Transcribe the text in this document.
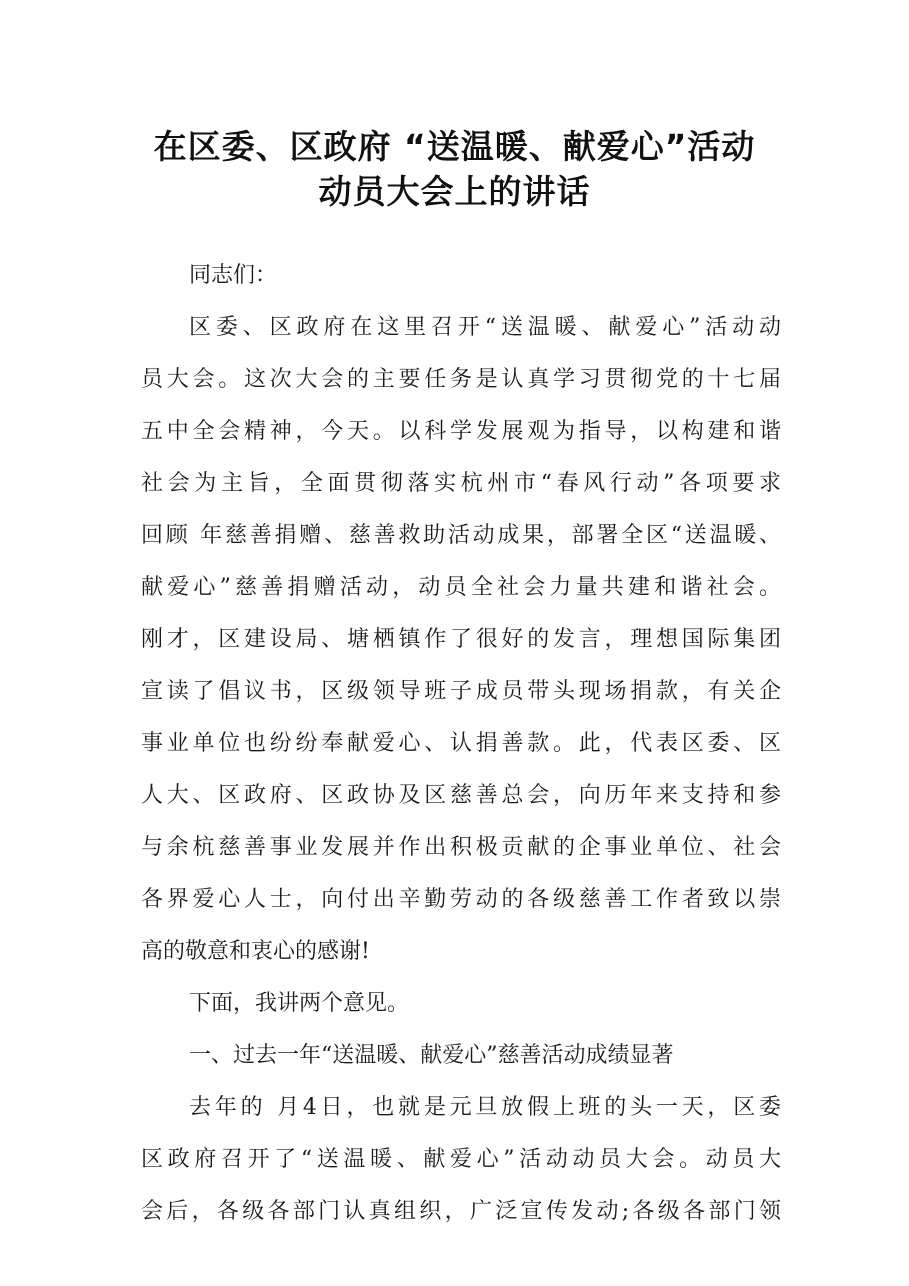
在区委、区政府 “送温暖、献爱心”活动
动员大会上的讲话
同志们：
区委、区政府在这里召开“送温暖、献爱心”活动动
员大会。这次大会的主要任务是认真学习贯彻党的十七届
五中全会精神，今天。以科学发展观为指导，以构建和谐
社会为主旨，全面贯彻落实杭州市“春风行动”各项要求
回顾 年慈善捐赠、慈善救助活动成果，部署全区“送温暖、
献爱心”慈善捐赠活动，动员全社会力量共建和谐社会。
刚才，区建设局、塘栖镇作了很好的发言，理想国际集团
宣读了倡议书，区级领导班子成员带头现场捐款，有关企
事业单位也纷纷奉献爱心、认捐善款。此，代表区委、区
人大、区政府、区政协及区慈善总会，向历年来支持和参
与余杭慈善事业发展并作出积极贡献的企事业单位、社会
各界爱心人士，向付出辛勤劳动的各级慈善工作者致以崇
高的敬意和衷心的感谢!
下面，我讲两个意见。
一、过去一年“送温暖、献爱心”慈善活动成绩显著
去年的 月4日，也就是元旦放假上班的头一天，区委
区政府召开了“送温暖、献爱心”活动动员大会。动员大
会后，各级各部门认真组织，广泛宣传发动;各级各部门领
